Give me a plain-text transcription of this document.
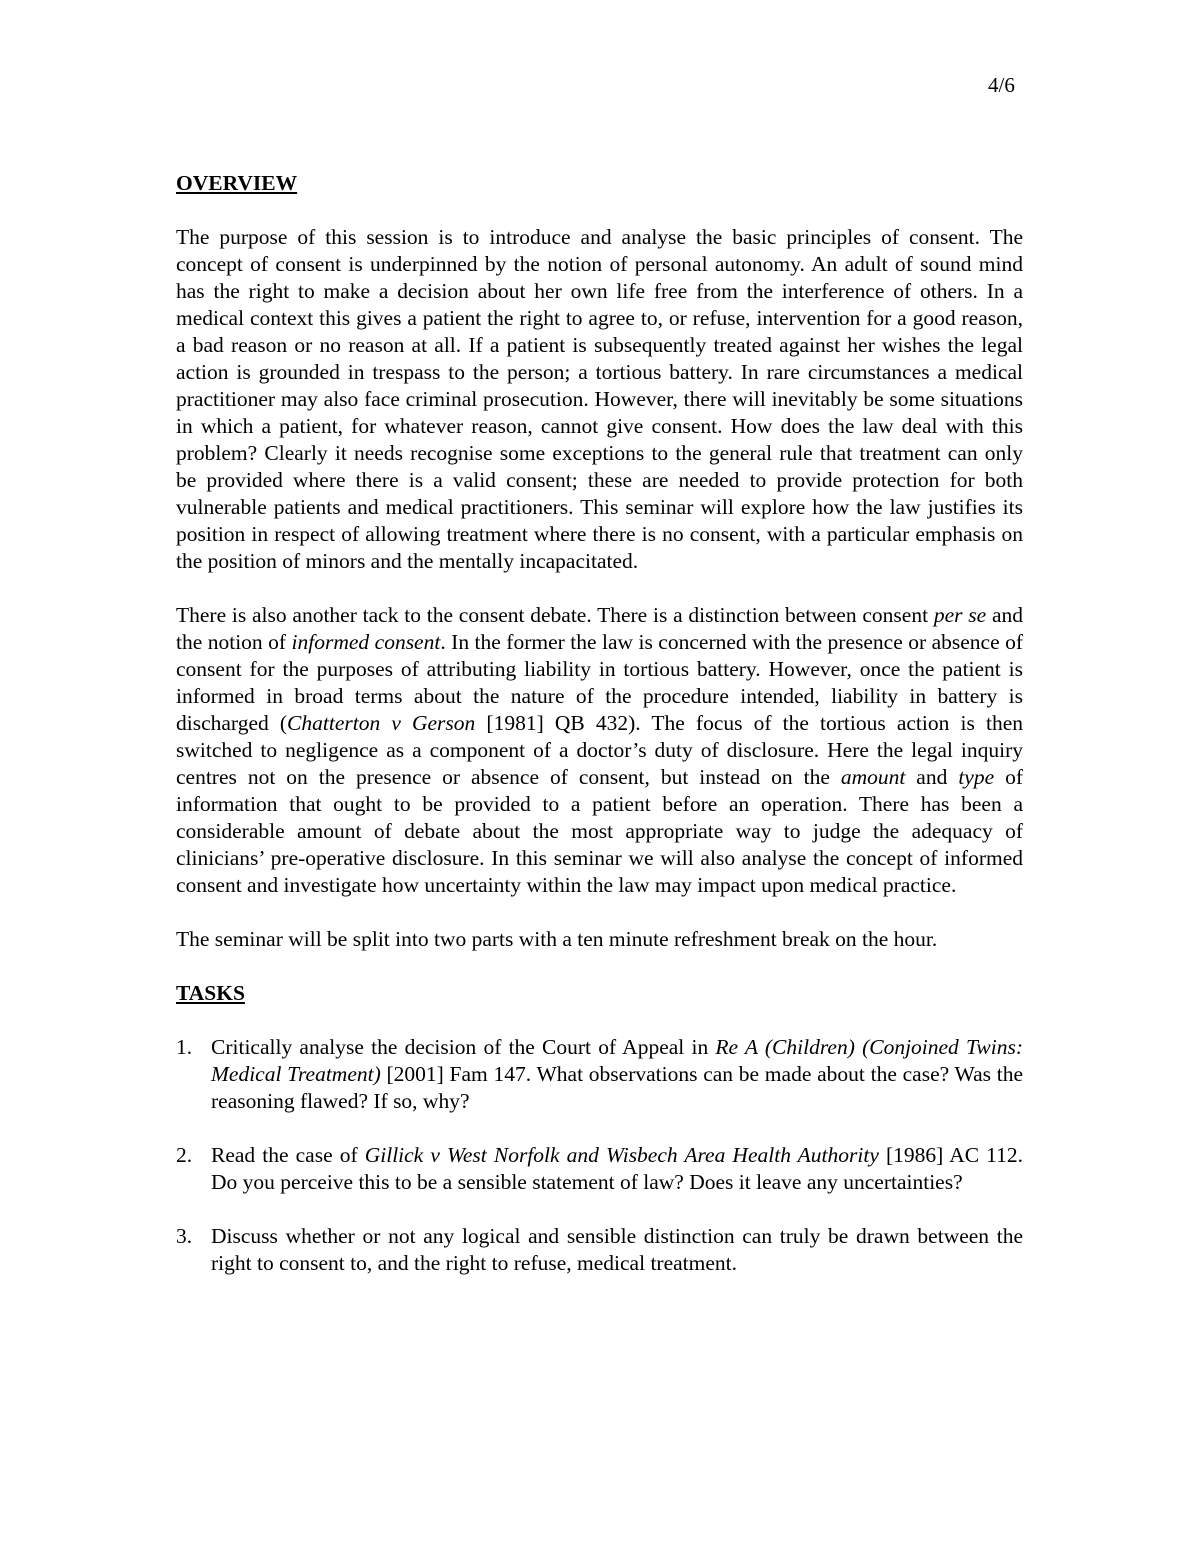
4/6
OVERVIEW

The purpose of this session is to introduce and analyse the basic principles of consent. The concept of consent is underpinned by the notion of personal autonomy. An adult of sound mind has the right to make a decision about her own life free from the interference of others. In a medical context this gives a patient the right to agree to, or refuse, intervention for a good reason, a bad reason or no reason at all. If a patient is subsequently treated against her wishes the legal action is grounded in trespass to the person; a tortious battery. In rare circumstances a medical practitioner may also face criminal prosecution. However, there will inevitably be some situations in which a patient, for whatever reason, cannot give consent. How does the law deal with this problem? Clearly it needs recognise some exceptions to the general rule that treatment can only be provided where there is a valid consent; these are needed to provide protection for both vulnerable patients and medical practitioners. This seminar will explore how the law justifies its position in respect of allowing treatment where there is no consent, with a particular emphasis on the position of minors and the mentally incapacitated.

There is also another tack to the consent debate. There is a distinction between consent per se and the notion of informed consent. In the former the law is concerned with the presence or absence of consent for the purposes of attributing liability in tortious battery. However, once the patient is informed in broad terms about the nature of the procedure intended, liability in battery is discharged (Chatterton v Gerson [1981] QB 432). The focus of the tortious action is then switched to negligence as a component of a doctor’s duty of disclosure. Here the legal inquiry centres not on the presence or absence of consent, but instead on the amount and type of information that ought to be provided to a patient before an operation. There has been a considerable amount of debate about the most appropriate way to judge the adequacy of clinicians’ pre-operative disclosure. In this seminar we will also analyse the concept of informed consent and investigate how uncertainty within the law may impact upon medical practice.

The seminar will be split into two parts with a ten minute refreshment break on the hour.

TASKS
1. Critically analyse the decision of the Court of Appeal in Re A (Children) (Conjoined Twins: Medical Treatment) [2001] Fam 147. What observations can be made about the case? Was the reasoning flawed? If so, why?
2. Read the case of Gillick v West Norfolk and Wisbech Area Health Authority [1986] AC 112. Do you perceive this to be a sensible statement of law? Does it leave any uncertainties?
3. Discuss whether or not any logical and sensible distinction can truly be drawn between the right to consent to, and the right to refuse, medical treatment.
